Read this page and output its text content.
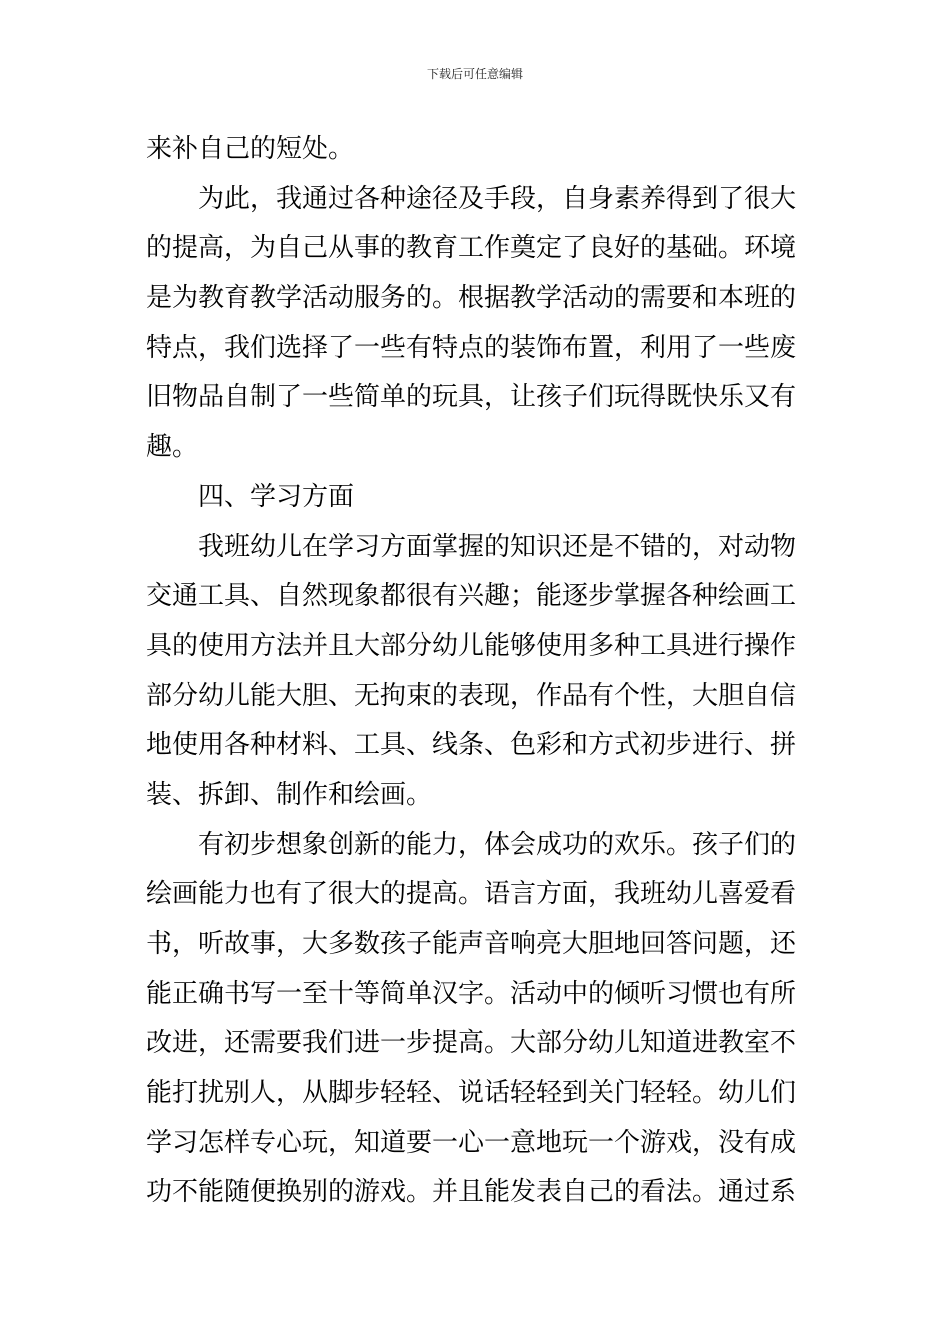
下载后可任意编辑
来补自己的短处。
为此，我通过各种途径及手段，自身素养得到了很大
的提高，为自己从事的教育工作奠定了良好的基础。环境
是为教育教学活动服务的。根据教学活动的需要和本班的
特点，我们选择了一些有特点的装饰布置，利用了一些废
旧物品自制了一些简单的玩具，让孩子们玩得既快乐又有
趣。
四、学习方面
我班幼儿在学习方面掌握的知识还是不错的，对动物
交通工具、自然现象都很有兴趣；能逐步掌握各种绘画工
具的使用方法并且大部分幼儿能够使用多种工具进行操作
部分幼儿能大胆、无拘束的表现，作品有个性，大胆自信
地使用各种材料、工具、线条、色彩和方式初步进行、拼
装、拆卸、制作和绘画。
有初步想象创新的能力，体会成功的欢乐。孩子们的
绘画能力也有了很大的提高。语言方面，我班幼儿喜爱看
书，听故事，大多数孩子能声音响亮大胆地回答问题，还
能正确书写一至十等简单汉字。活动中的倾听习惯也有所
改进，还需要我们进一步提高。大部分幼儿知道进教室不
能打扰别人，从脚步轻轻、说话轻轻到关门轻轻。幼儿们
学习怎样专心玩，知道要一心一意地玩一个游戏，没有成
功不能随便换别的游戏。并且能发表自己的看法。通过系
